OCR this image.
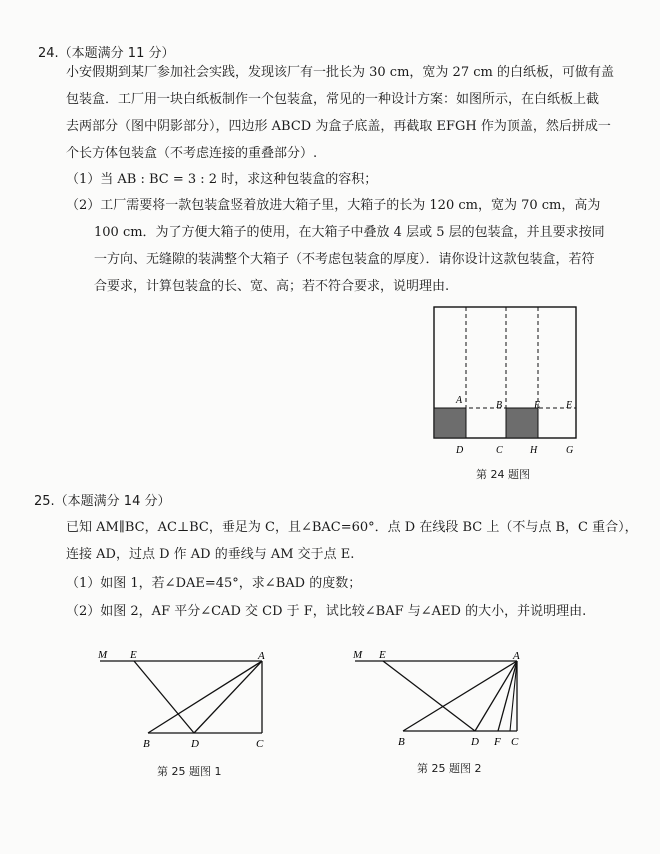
24.（本题满分 11 分）
小安假期到某厂参加社会实践，发现该厂有一批长为 30 cm，宽为 27 cm 的白纸板，可做有盖
包装盒．工厂用一块白纸板制作一个包装盒，常见的一种设计方案：如图所示，在白纸板上截
去两部分（图中阴影部分），四边形 ABCD 为盒子底盖，再截取 EFGH 作为顶盖，然后拼成一
个长方体包装盒（不考虑连接的重叠部分）.
（1）当 AB : BC = 3 : 2 时，求这种包装盒的容积；
（2）工厂需要将一款包装盒竖着放进大箱子里，大箱子的长为 120 cm，宽为 70 cm，高为
100 cm．为了方便大箱子的使用，在大箱子中叠放 4 层或 5 层的包装盒，并且要求按同
一方向、无缝隙的装满整个大箱子（不考虑包装盒的厚度）．请你设计这款包装盒，若符
合要求，计算包装盒的长、宽、高；若不符合要求，说明理由.
A	B	E	E
D	C	H	G
第 24 题图
25.（本题满分 14 分）
已知 AM∥BC，AC⊥BC，垂足为 C，且∠BAC=60°．点 D 在线段 BC 上（不与点 B，C 重合），
连接 AD，过点 D 作 AD 的垂线与 AM 交于点 E.
（1）如图 1，若∠DAE=45°，求∠BAD 的度数；
（2）如图 2，AF 平分∠CAD 交 CD 于 F，试比较∠BAF 与∠AED 的大小，并说明理由.
M E	A
B	D	C
第 25 题图 1
M E	A
B	D F C
第 25 题图 2
